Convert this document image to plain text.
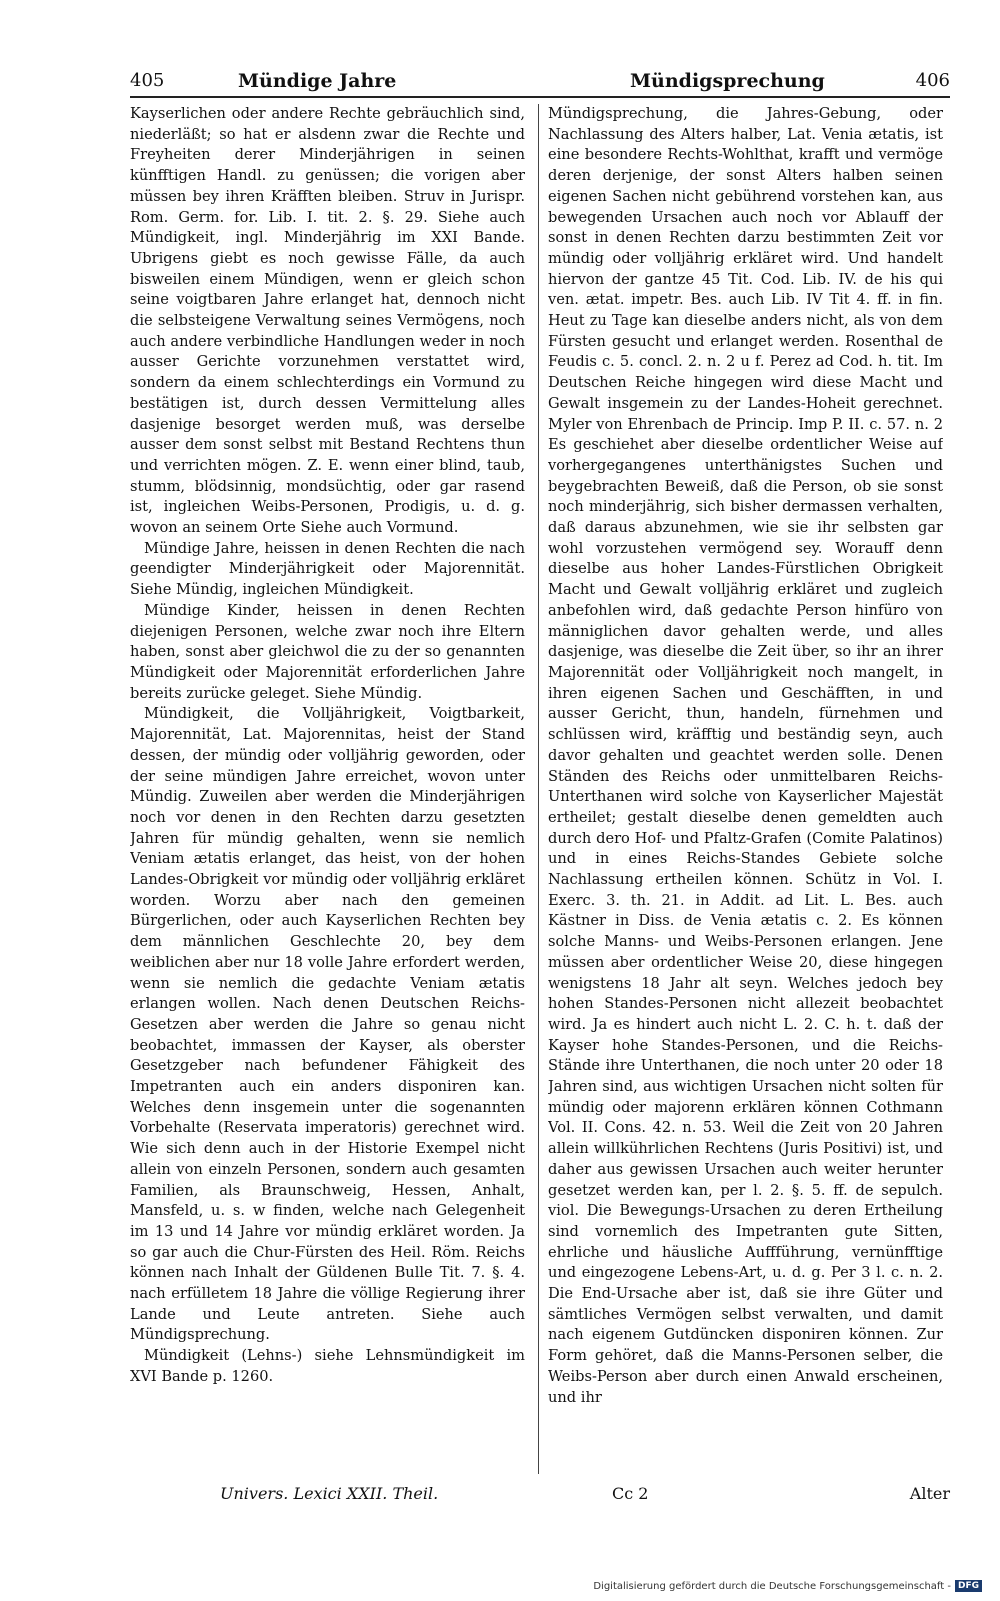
405	Mündige Jahre	Mündigsprechung	406

Kayserlichen oder andere Rechte gebräuchlich sind, niederläßt; so hat er alsdenn zwar die Rechte und Freyheiten derer Minderjährigen in seinen künfftigen Handl. zu genüssen; die vorigen aber müssen bey ihren Kräfften bleiben. Struv in Jurispr. Rom. Germ. for. Lib. I. tit. 2. §. 29. Siehe auch Mündigkeit, ingl. Minderjährig im XXI Bande. Ubrigens giebt es noch gewisse Fälle, da auch bisweilen einem Mündigen, wenn er gleich schon seine voigtbaren Jahre erlanget hat, dennoch nicht die selbsteigene Verwaltung seines Vermögens, noch auch andere verbindliche Handlungen weder in noch ausser Gerichte vorzunehmen verstattet wird, sondern da einem schlechterdings ein Vormund zu bestätigen ist, durch dessen Vermittelung alles dasjenige besorget werden muß, was derselbe ausser dem sonst selbst mit Bestand Rechtens thun und verrichten mögen. Z. E. wenn einer blind, taub, stumm, blödsinnig, mondsüchtig, oder gar rasend ist, ingleichen Weibs-Personen, Prodigis, u. d. g. wovon an seinem Orte Siehe auch Vormund.

Mündige Jahre, heissen in denen Rechten die nach geendigter Minderjährigkeit oder Majorennität. Siehe Mündig, ingleichen Mündigkeit.

Mündige Kinder, heissen in denen Rechten diejenigen Personen, welche zwar noch ihre Eltern haben, sonst aber gleichwol die zu der so genannten Mündigkeit oder Majorennität erforderlichen Jahre bereits zurücke geleget. Siehe Mündig.

Mündigkeit, die Volljährigkeit, Voigtbarkeit, Majorennität, Lat. Majorennitas, heist der Stand dessen, der mündig oder volljährig geworden, oder der seine mündigen Jahre erreichet, wovon unter Mündig. Zuweilen aber werden die Minderjährigen noch vor denen in den Rechten darzu gesetzten Jahren für mündig gehalten, wenn sie nemlich Veniam ætatis erlanget, das heist, von der hohen Landes-Obrigkeit vor mündig oder volljährig erkläret worden. Worzu aber nach den gemeinen Bürgerlichen, oder auch Kayserlichen Rechten bey dem männlichen Geschlechte 20, bey dem weiblichen aber nur 18 volle Jahre erfordert werden, wenn sie nemlich die gedachte Veniam ætatis erlangen wollen. Nach denen Deutschen Reichs-Gesetzen aber werden die Jahre so genau nicht beobachtet, immassen der Kayser, als oberster Gesetzgeber nach befundener Fähigkeit des Impetranten auch ein anders disponiren kan. Welches denn insgemein unter die sogenannten Vorbehalte (Reservata imperatoris) gerechnet wird. Wie sich denn auch in der Historie Exempel nicht allein von einzeln Personen, sondern auch gesamten Familien, als Braunschweig, Hessen, Anhalt, Mansfeld, u. s. w finden, welche nach Gelegenheit im 13 und 14 Jahre vor mündig erkläret worden. Ja so gar auch die Chur-Fürsten des Heil. Röm. Reichs können nach Inhalt der Güldenen Bulle Tit. 7. §. 4. nach erfülletem 18 Jahre die völlige Regierung ihrer Lande und Leute antreten. Siehe auch Mündigsprechung.

Mündigkeit (Lehns-) siehe Lehnsmündigkeit im XVI Bande p. 1260.

Mündigsprechung, die Jahres-Gebung, oder Nachlassung des Alters halber, Lat. Venia ætatis, ist eine besondere Rechts-Wohlthat, krafft und vermöge deren derjenige, der sonst Alters halben seinen eigenen Sachen nicht gebührend vorstehen kan, aus bewegenden Ursachen auch noch vor Ablauff der sonst in denen Rechten darzu bestimmten Zeit vor mündig oder volljährig erkläret wird. Und handelt hiervon der gantze 45 Tit. Cod. Lib. IV. de his qui ven. ætat. impetr. Bes. auch Lib. IV Tit 4. ff. in fin. Heut zu Tage kan dieselbe anders nicht, als von dem Fürsten gesucht und erlanget werden. Rosenthal de Feudis c. 5. concl. 2. n. 2 u f. Perez ad Cod. h. tit. Im Deutschen Reiche hingegen wird diese Macht und Gewalt insgemein zu der Landes-Hoheit gerechnet. Myler von Ehrenbach de Princip. Imp P. II. c. 57. n. 2 Es geschiehet aber dieselbe ordentlicher Weise auf vorhergegangenes unterthänigstes Suchen und beygebrachten Beweiß, daß die Person, ob sie sonst noch minderjährig, sich bisher dermassen verhalten, daß daraus abzunehmen, wie sie ihr selbsten gar wohl vorzustehen vermögend sey. Worauff denn dieselbe aus hoher Landes-Fürstlichen Obrigkeit Macht und Gewalt volljährig erkläret und zugleich anbefohlen wird, daß gedachte Person hinfüro von männiglichen davor gehalten werde, und alles dasjenige, was dieselbe die Zeit über, so ihr an ihrer Majorennität oder Volljährigkeit noch mangelt, in ihren eigenen Sachen und Geschäfften, in und ausser Gericht, thun, handeln, fürnehmen und schlüssen wird, kräfftig und beständig seyn, auch davor gehalten und geachtet werden solle. Denen Ständen des Reichs oder unmittelbaren Reichs-Unterthanen wird solche von Kayserlicher Majestät ertheilet; gestalt dieselbe denen gemeldten auch durch dero Hof- und Pfaltz-Grafen (Comite Palatinos) und in eines Reichs-Standes Gebiete solche Nachlassung ertheilen können. Schütz in Vol. I. Exerc. 3. th. 21. in Addit. ad Lit. L. Bes. auch Kästner in Diss. de Venia ætatis c. 2. Es können solche Manns- und Weibs-Personen erlangen. Jene müssen aber ordentlicher Weise 20, diese hingegen wenigstens 18 Jahr alt seyn. Welches jedoch bey hohen Standes-Personen nicht allezeit beobachtet wird. Ja es hindert auch nicht L. 2. C. h. t. daß der Kayser hohe Standes-Personen, und die Reichs-Stände ihre Unterthanen, die noch unter 20 oder 18 Jahren sind, aus wichtigen Ursachen nicht solten für mündig oder majorenn erklären können Cothmann Vol. II. Cons. 42. n. 53. Weil die Zeit von 20 Jahren allein willkührlichen Rechtens (Juris Positivi) ist, und daher aus gewissen Ursachen auch weiter herunter gesetzet werden kan, per l. 2. §. 5. ff. de sepulch. viol. Die Bewegungs-Ursachen zu deren Ertheilung sind vornemlich des Impetranten gute Sitten, ehrliche und häusliche Auffführung, vernünfftige und eingezogene Lebens-Art, u. d. g. Per 3 l. c. n. 2. Die End-Ursache aber ist, daß sie ihre Güter und sämtliches Vermögen selbst verwalten, und damit nach eigenem Gutdüncken disponiren können. Zur Form gehöret, daß die Manns-Personen selber, die Weibs-Person aber durch einen Anwald erscheinen, und ihr

Univers. Lexici XXII. Theil.	Cc 2	Alter
Digitalisierung gefördert durch die Deutsche Forschungsgemeinschaft - DFG
